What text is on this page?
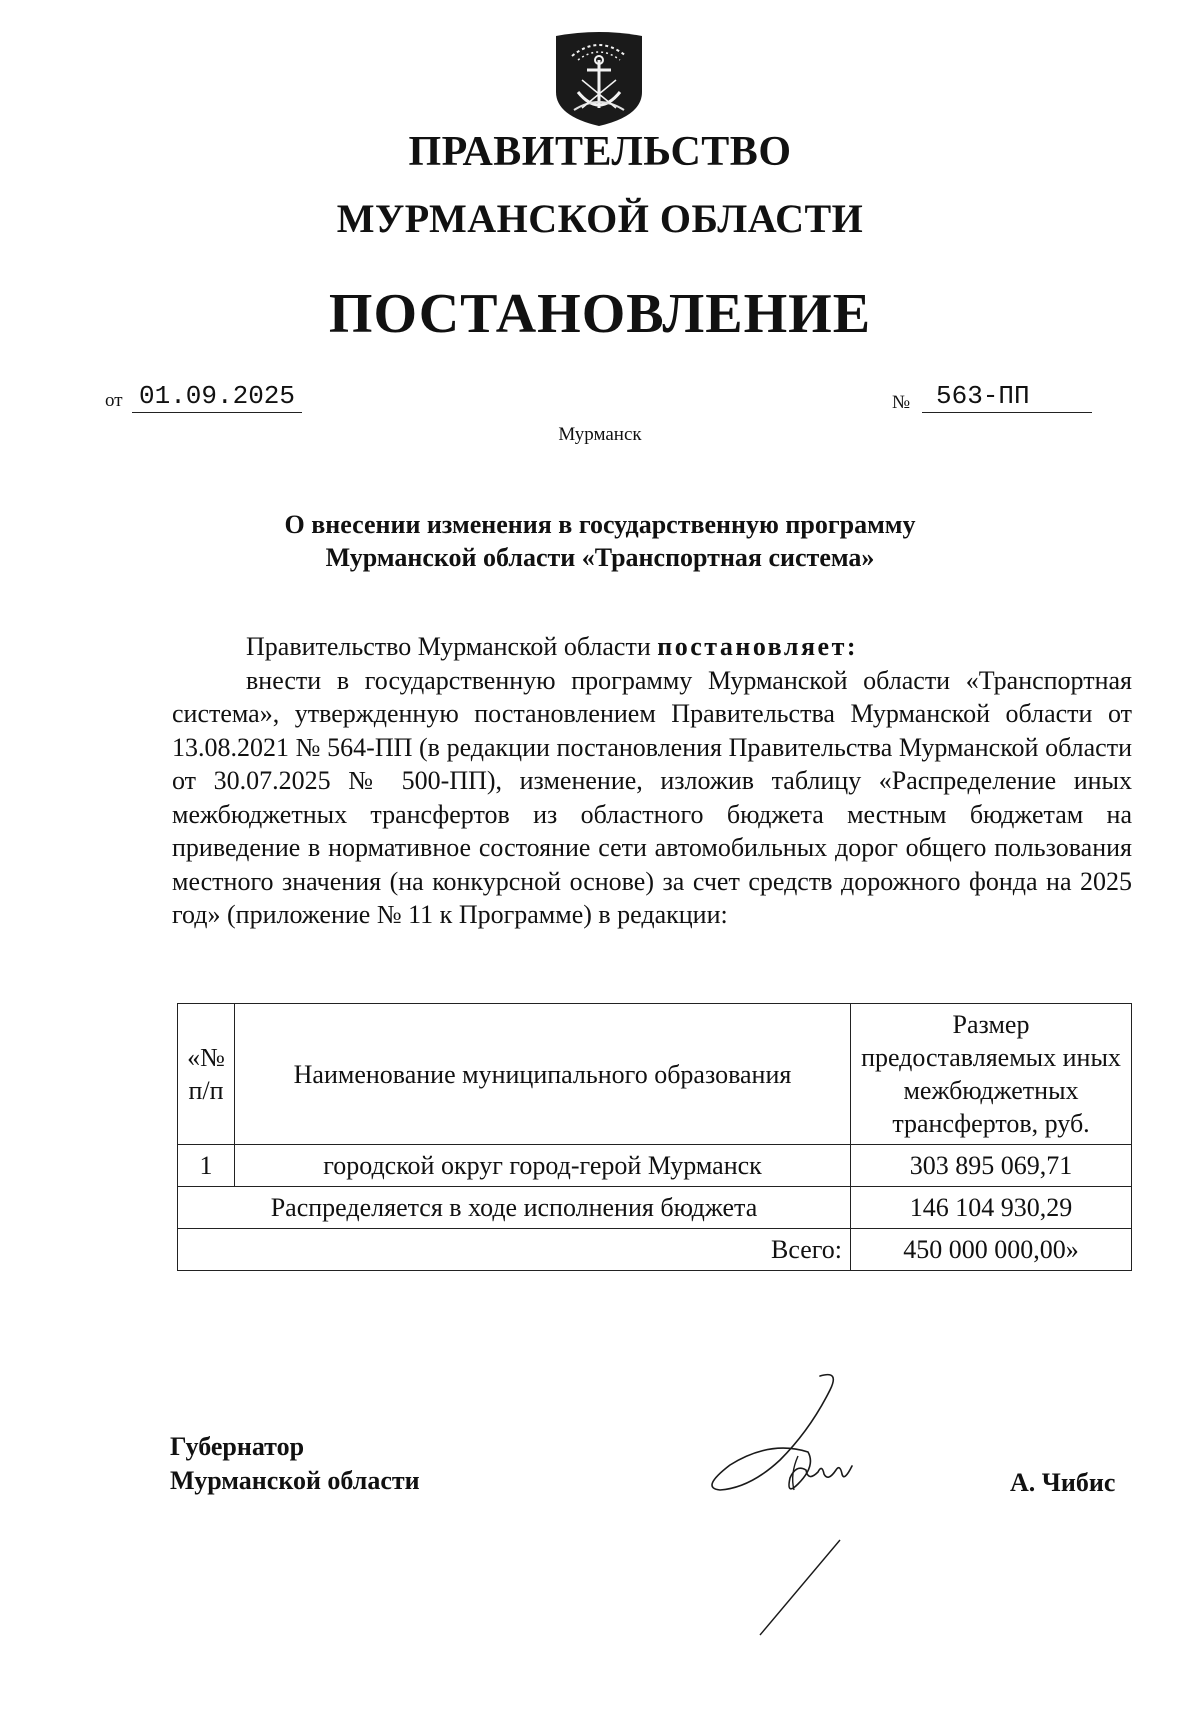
ПРАВИТЕЛЬСТВО
МУРМАНСКОЙ ОБЛАСТИ
ПОСТАНОВЛЕНИЕ
от 01.09.2025	№ 563-ПП
Мурманск
О внесении изменения в государственную программу
Мурманской области «Транспортная система»

Правительство Мурманской области постановляет:

внести в государственную программу Мурманской области «Транспортная система», утвержденную постановлением Правительства Мурманской области от 13.08.2021 № 564-ПП (в редакции постановления Правительства Мурманской области от 30.07.2025 № 500-ПП), изменение, изложив таблицу «Распределение иных межбюджетных трансфертов из областного бюджета местным бюджетам на приведение в нормативное состояние сети автомобильных дорог общего пользования местного значения (на конкурсной основе) за счет средств дорожного фонда на 2025 год» (приложение № 11 к Программе) в редакции:

«№ п/п	Наименование муниципального образования	Размер предоставляемых иных межбюджетных трансфертов, руб.
1	городской округ город-герой Мурманск	303 895 069,71
Распределяется в ходе исполнения бюджета		146 104 930,29
Всего:		450 000 000,00»
Губернатор
Мурманской области	А. Чибис
